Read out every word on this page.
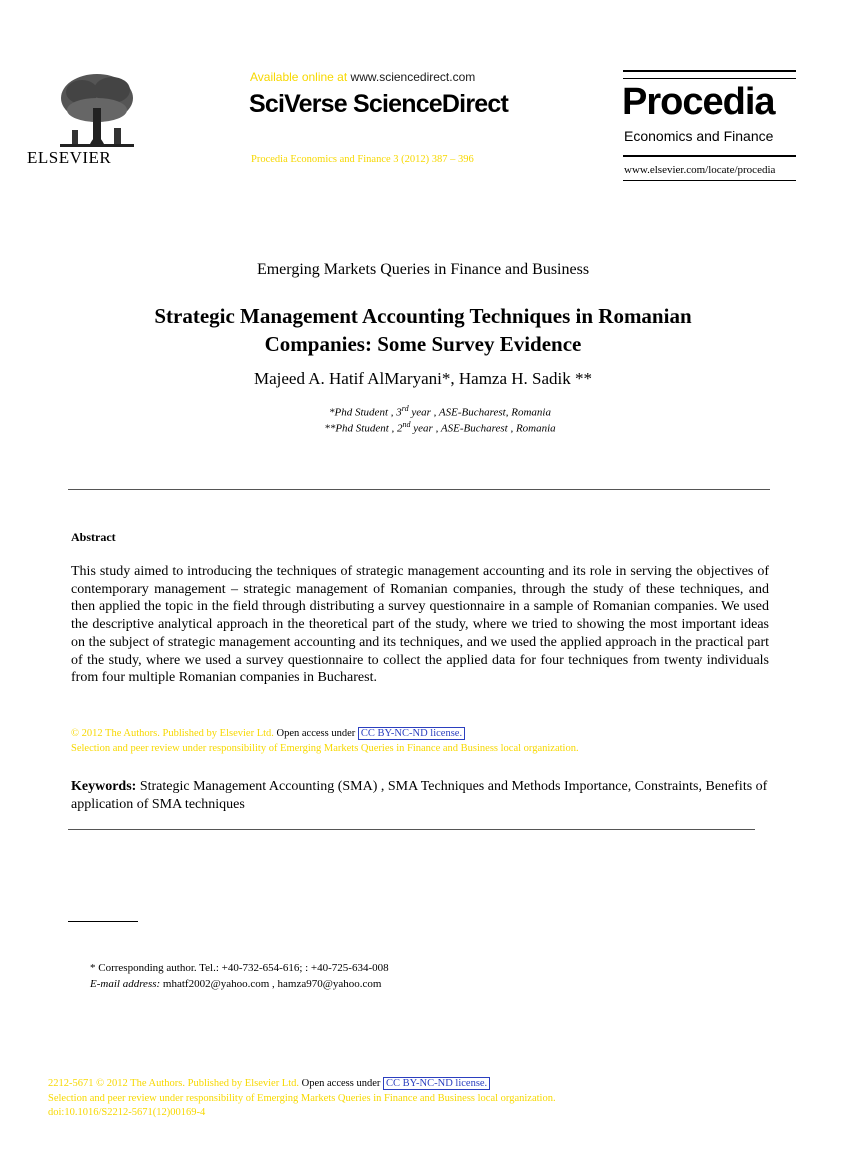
ELSEVIER
Available online at www.sciencedirect.com
SciVerse ScienceDirect
Procedia Economics and Finance 3 (2012) 387 – 396
Procedia
Economics and Finance
www.elsevier.com/locate/procedia
Emerging Markets Queries in Finance and Business
Strategic Management Accounting Techniques in Romanian
Companies: Some Survey Evidence
Majeed A. Hatif AlMaryani*, Hamza H. Sadik **
*Phd Student , 3rd year , ASE-Bucharest, Romania
**Phd Student , 2nd year , ASE-Bucharest , Romania
Abstract
This study aimed to introducing the techniques of strategic management accounting and its role in serving the objectives of contemporary management – strategic management of Romanian companies, through the study of these techniques, and then applied the topic in the field through distributing a survey questionnaire in a sample of Romanian companies. We used the descriptive analytical approach in the theoretical part of the study, where we tried to showing the most important ideas on the subject of strategic management accounting and its techniques, and we used the applied approach in the practical part of the study, where we used a survey questionnaire to collect the applied data for four techniques from twenty individuals from four multiple Romanian companies in Bucharest.
© 2012 The Authors. Published by Elsevier Ltd. Open access under CC BY-NC-ND license.
Selection and peer review under responsibility of Emerging Markets Queries in Finance and Business local organization.
Keywords: Strategic Management Accounting (SMA) , SMA Techniques and Methods Importance, Constraints, Benefits of application of SMA techniques
* Corresponding author. Tel.: +40-732-654-616; : +40-725-634-008
E-mail address: mhatf2002@yahoo.com , hamza970@yahoo.com
2212-5671 © 2012 The Authors. Published by Elsevier Ltd. Open access under CC BY-NC-ND license.
Selection and peer review under responsibility of Emerging Markets Queries in Finance and Business local organization.
doi:10.1016/S2212-5671(12)00169-4
